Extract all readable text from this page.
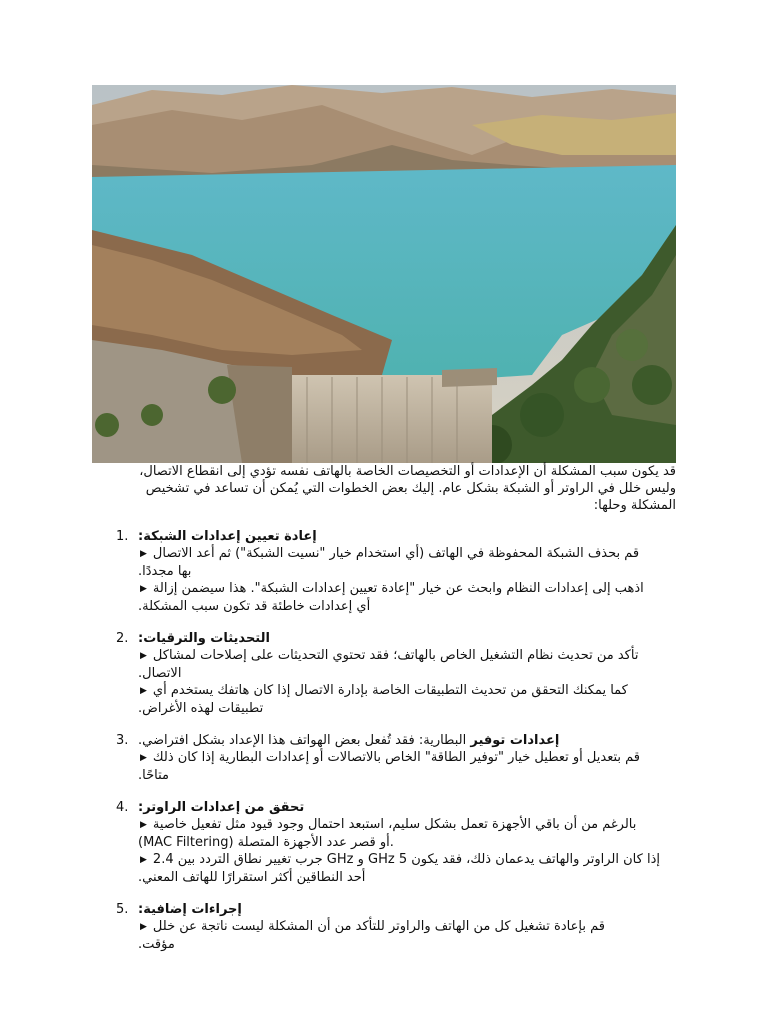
قد يكون سبب المشكلة أن الإعدادات أو التخصيصات الخاصة بالهاتف نفسه تؤدي إلى انقطاع الاتصال،
وليس خلل في الراوتر أو الشبكة بشكل عام. إليك بعض الخطوات التي يُمكن أن تساعد في تشخيص
المشكلة وحلها:
1. إعادة تعيين إعدادات الشبكة:
▶ قم بحذف الشبكة المحفوظة في الهاتف (أي استخدام خيار "نسيت الشبكة") ثم أعد الاتصال
بها مجددًا.
▶ اذهب إلى إعدادات النظام وابحث عن خيار "إعادة تعيين إعدادات الشبكة". هذا سيضمن إزالة
أي إعدادات خاطئة قد تكون سبب المشكلة.
2. التحديثات والترقيات:
▶ تأكد من تحديث نظام التشغيل الخاص بالهاتف؛ فقد تحتوي التحديثات على إصلاحات لمشاكل
الاتصال.
▶ كما يمكنك التحقق من تحديث التطبيقات الخاصة بإدارة الاتصال إذا كان هاتفك يستخدم أي
تطبيقات لهذه الأغراض.
3.	إعدادات توفير البطارية: فقد تُفعل بعض الهواتف هذا الإعداد بشكل افتراضي.
▶ قم بتعديل أو تعطيل خيار "توفير الطاقة" الخاص بالاتصالات أو إعدادات البطارية إذا كان ذلك
متاحًا.
4. تحقق من إعدادات الراوتر:
▶ بالرغم من أن باقي الأجهزة تعمل بشكل سليم، استبعد احتمال وجود قيود مثل تفعيل خاصية
(MAC Filtering) أو قصر عدد الأجهزة المتصلة.
▶ إذا كان الراوتر والهاتف يدعمان ذلك، فقد يكون GHz 5 و GHz جرب تغيير نطاق التردد بين 2.4
أحد النطاقين أكثر استقرارًا للهاتف المعني.
5. إجراءات إضافية:
▶ قم بإعادة تشغيل كل من الهاتف والراوتر للتأكد من أن المشكلة ليست ناتجة عن خلل
مؤقت.
